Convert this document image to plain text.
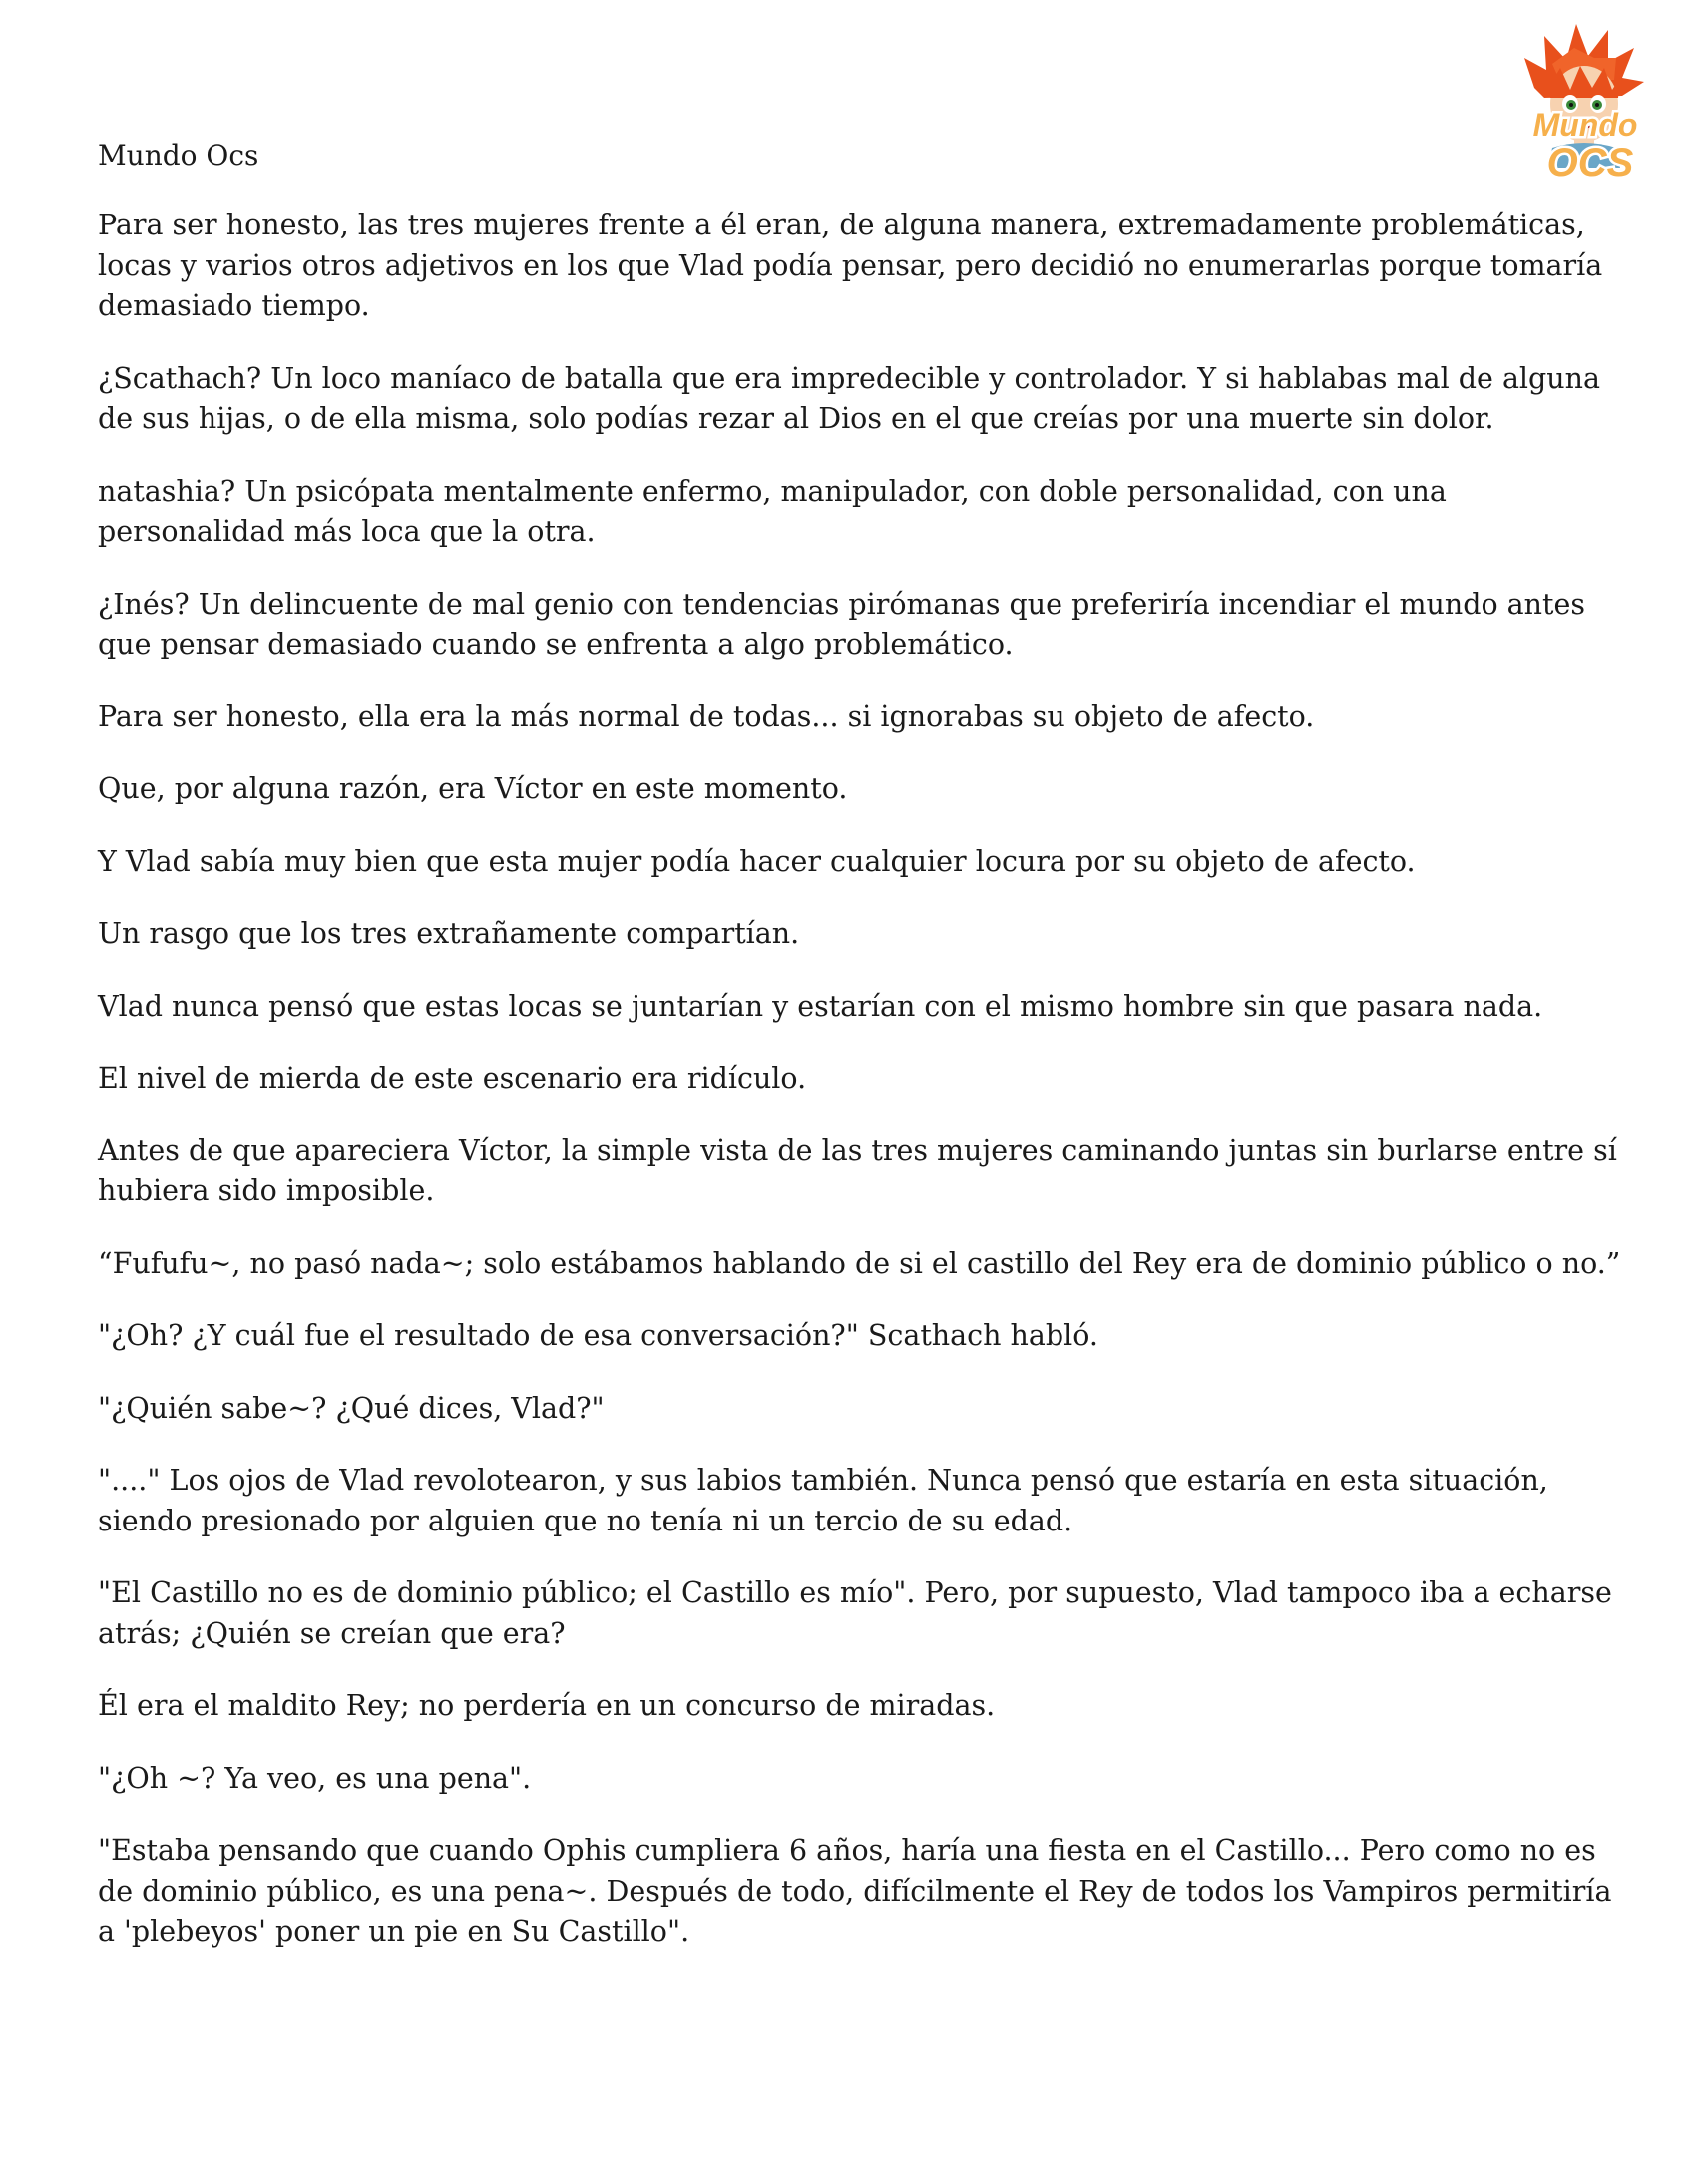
Mundo
OCS

Mundo Ocs

Para ser honesto, las tres mujeres frente a él eran, de alguna manera, extremadamente problemáticas, locas y varios otros adjetivos en los que Vlad podía pensar, pero decidió no enumerarlas porque tomaría demasiado tiempo.

¿Scathach? Un loco maníaco de batalla que era impredecible y controlador. Y si hablabas mal de alguna de sus hijas, o de ella misma, solo podías rezar al Dios en el que creías por una muerte sin dolor.

natashia? Un psicópata mentalmente enfermo, manipulador, con doble personalidad, con una personalidad más loca que la otra.

¿Inés? Un delincuente de mal genio con tendencias pirómanas que preferiría incendiar el mundo antes que pensar demasiado cuando se enfrenta a algo problemático.

Para ser honesto, ella era la más normal de todas... si ignorabas su objeto de afecto.

Que, por alguna razón, era Víctor en este momento.

Y Vlad sabía muy bien que esta mujer podía hacer cualquier locura por su objeto de afecto.

Un rasgo que los tres extrañamente compartían.

Vlad nunca pensó que estas locas se juntarían y estarían con el mismo hombre sin que pasara nada.

El nivel de mierda de este escenario era ridículo.

Antes de que apareciera Víctor, la simple vista de las tres mujeres caminando juntas sin burlarse entre sí hubiera sido imposible.

“Fufufu~, no pasó nada~; solo estábamos hablando de si el castillo del Rey era de dominio público o no.”

"¿Oh? ¿Y cuál fue el resultado de esa conversación?" Scathach habló.

"¿Quién sabe~? ¿Qué dices, Vlad?"

"...." Los ojos de Vlad revolotearon, y sus labios también. Nunca pensó que estaría en esta situación, siendo presionado por alguien que no tenía ni un tercio de su edad.

"El Castillo no es de dominio público; el Castillo es mío". Pero, por supuesto, Vlad tampoco iba a echarse atrás; ¿Quién se creían que era?

Él era el maldito Rey; no perdería en un concurso de miradas.

"¿Oh ~? Ya veo, es una pena".

"Estaba pensando que cuando Ophis cumpliera 6 años, haría una fiesta en el Castillo... Pero como no es de dominio público, es una pena~. Después de todo, difícilmente el Rey de todos los Vampiros permitiría a 'plebeyos' poner un pie en Su Castillo".
